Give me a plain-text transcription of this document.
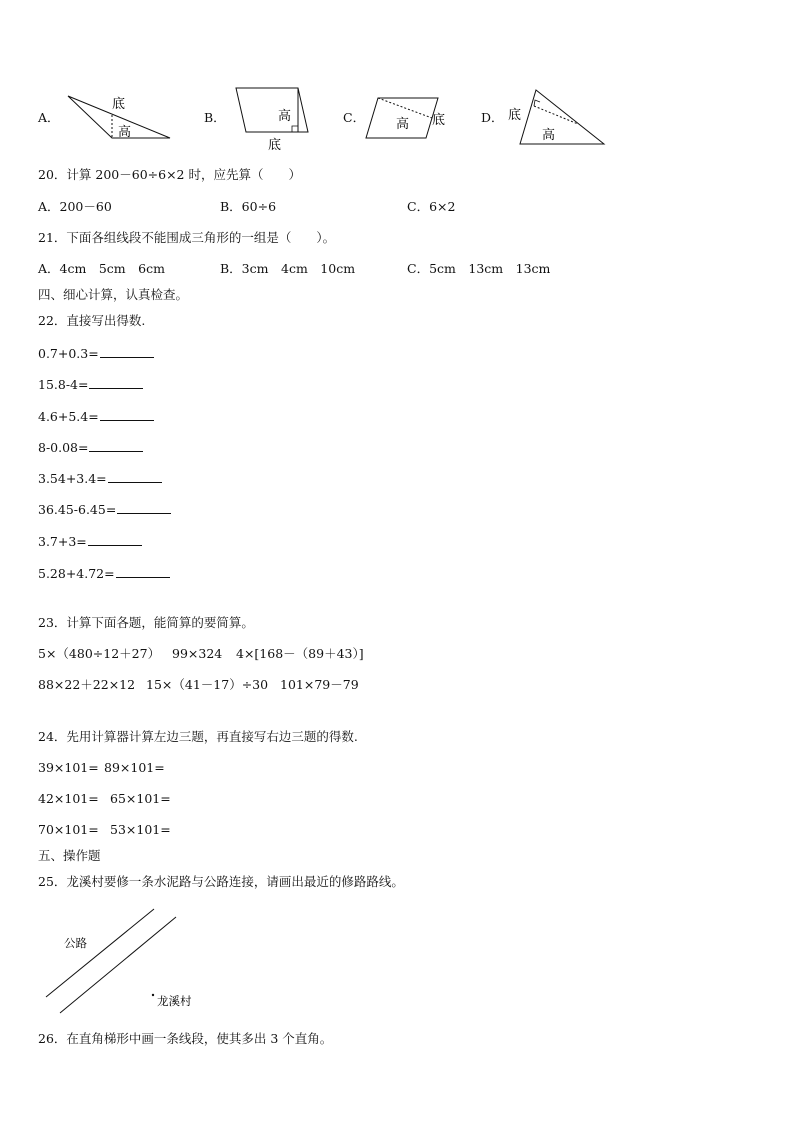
A．
底
高
B．	高
底
C． 高 底	D． 底
高
20．计算 200－60÷6×2 时，应先算（　　）
A．200－60	B．60÷6	C．6×2
21．下面各组线段不能围成三角形的一组是（　　）。
A．4cm　5cm　6cm	B．3cm　4cm　10cm	C．5cm　13cm　13cm
四、细心计算，认真检查。
22．直接写出得数.
0.7+0.3=
15.8-4=
4.6+5.4=
8-0.08=
3.54+3.4=
36.45-6.45=
3.7+3=
5.28+4.72=
23．计算下面各题，能简算的要简算。
5×（480÷12＋27） 99×324 4×[168－（89＋43）]
88×22＋22×12 15×（41－17）÷30 101×79－79
24．先用计算器计算左边三题，再直接写右边三题的得数.
39×101= 89×101=
42×101= 65×101=
70×101= 53×101=
五、操作题
25．龙溪村要修一条水泥路与公路连接，请画出最近的修路路线。
公路
龙溪村
26．在直角梯形中画一条线段，使其多出 3 个直角。
